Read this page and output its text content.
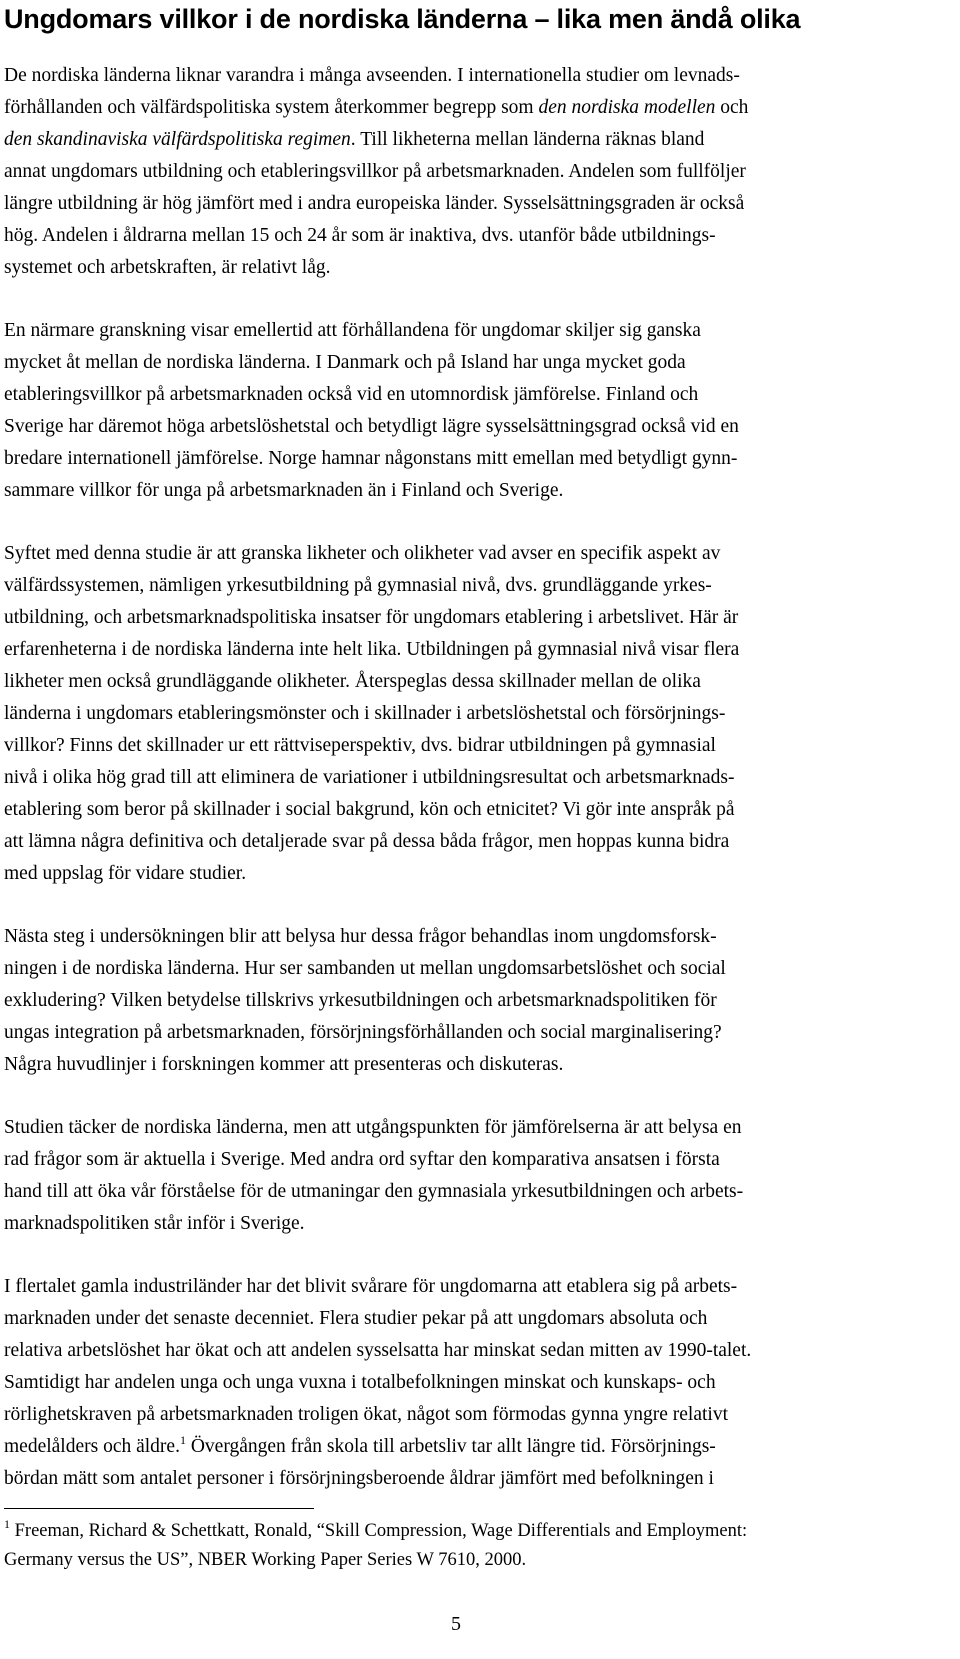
Ungdomars villkor i de nordiska länderna – lika men ändå olika

De nordiska länderna liknar varandra i många avseenden. I internationella studier om levnads-
förhållanden och välfärdspolitiska system återkommer begrepp som den nordiska modellen och
den skandinaviska välfärdspolitiska regimen. Till likheterna mellan länderna räknas bland
annat ungdomars utbildning och etableringsvillkor på arbetsmarknaden. Andelen som fullföljer
längre utbildning är hög jämfört med i andra europeiska länder. Sysselsättningsgraden är också
hög. Andelen i åldrarna mellan 15 och 24 år som är inaktiva, dvs. utanför både utbildnings-
systemet och arbetskraften, är relativt låg.

En närmare granskning visar emellertid att förhållandena för ungdomar skiljer sig ganska
mycket åt mellan de nordiska länderna. I Danmark och på Island har unga mycket goda
etableringsvillkor på arbetsmarknaden också vid en utomnordisk jämförelse. Finland och
Sverige har däremot höga arbetslöshetstal och betydligt lägre sysselsättningsgrad också vid en
bredare internationell jämförelse. Norge hamnar någonstans mitt emellan med betydligt gynn-
sammare villkor för unga på arbetsmarknaden än i Finland och Sverige.

Syftet med denna studie är att granska likheter och olikheter vad avser en specifik aspekt av
välfärdssystemen, nämligen yrkesutbildning på gymnasial nivå, dvs. grundläggande yrkes-
utbildning, och arbetsmarknadspolitiska insatser för ungdomars etablering i arbetslivet. Här är
erfarenheterna i de nordiska länderna inte helt lika. Utbildningen på gymnasial nivå visar flera
likheter men också grundläggande olikheter. Återspeglas dessa skillnader mellan de olika
länderna i ungdomars etableringsmönster och i skillnader i arbetslöshetstal och försörjnings-
villkor? Finns det skillnader ur ett rättviseperspektiv, dvs. bidrar utbildningen på gymnasial
nivå i olika hög grad till att eliminera de variationer i utbildningsresultat och arbetsmarknads-
etablering som beror på skillnader i social bakgrund, kön och etnicitet? Vi gör inte anspråk på
att lämna några definitiva och detaljerade svar på dessa båda frågor, men hoppas kunna bidra
med uppslag för vidare studier.

Nästa steg i undersökningen blir att belysa hur dessa frågor behandlas inom ungdomsforsk-
ningen i de nordiska länderna. Hur ser sambanden ut mellan ungdomsarbetslöshet och social
exkludering? Vilken betydelse tillskrivs yrkesutbildningen och arbetsmarknadspolitiken för
ungas integration på arbetsmarknaden, försörjningsförhållanden och social marginalisering?
Några huvudlinjer i forskningen kommer att presenteras och diskuteras.

Studien täcker de nordiska länderna, men att utgångspunkten för jämförelserna är att belysa en
rad frågor som är aktuella i Sverige. Med andra ord syftar den komparativa ansatsen i första
hand till att öka vår förståelse för de utmaningar den gymnasiala yrkesutbildningen och arbets-
marknadspolitiken står inför i Sverige.

I flertalet gamla industriländer har det blivit svårare för ungdomarna att etablera sig på arbets-
marknaden under det senaste decenniet. Flera studier pekar på att ungdomars absoluta och
relativa arbetslöshet har ökat och att andelen sysselsatta har minskat sedan mitten av 1990-talet.
Samtidigt har andelen unga och unga vuxna i totalbefolkningen minskat och kunskaps- och
rörlighetskraven på arbetsmarknaden troligen ökat, något som förmodas gynna yngre relativt
medelålders och äldre.$^1$ Övergången från skola till arbetsliv tar allt längre tid. Försörjnings-
bördan mätt som antalet personer i försörjningsberoende åldrar jämfört med befolkningen i

$^1$ Freeman, Richard & Schettkatt, Ronald, “Skill Compression, Wage Differentials and Employment:
Germany versus the US”, NBER Working Paper Series W 7610, 2000.
5
